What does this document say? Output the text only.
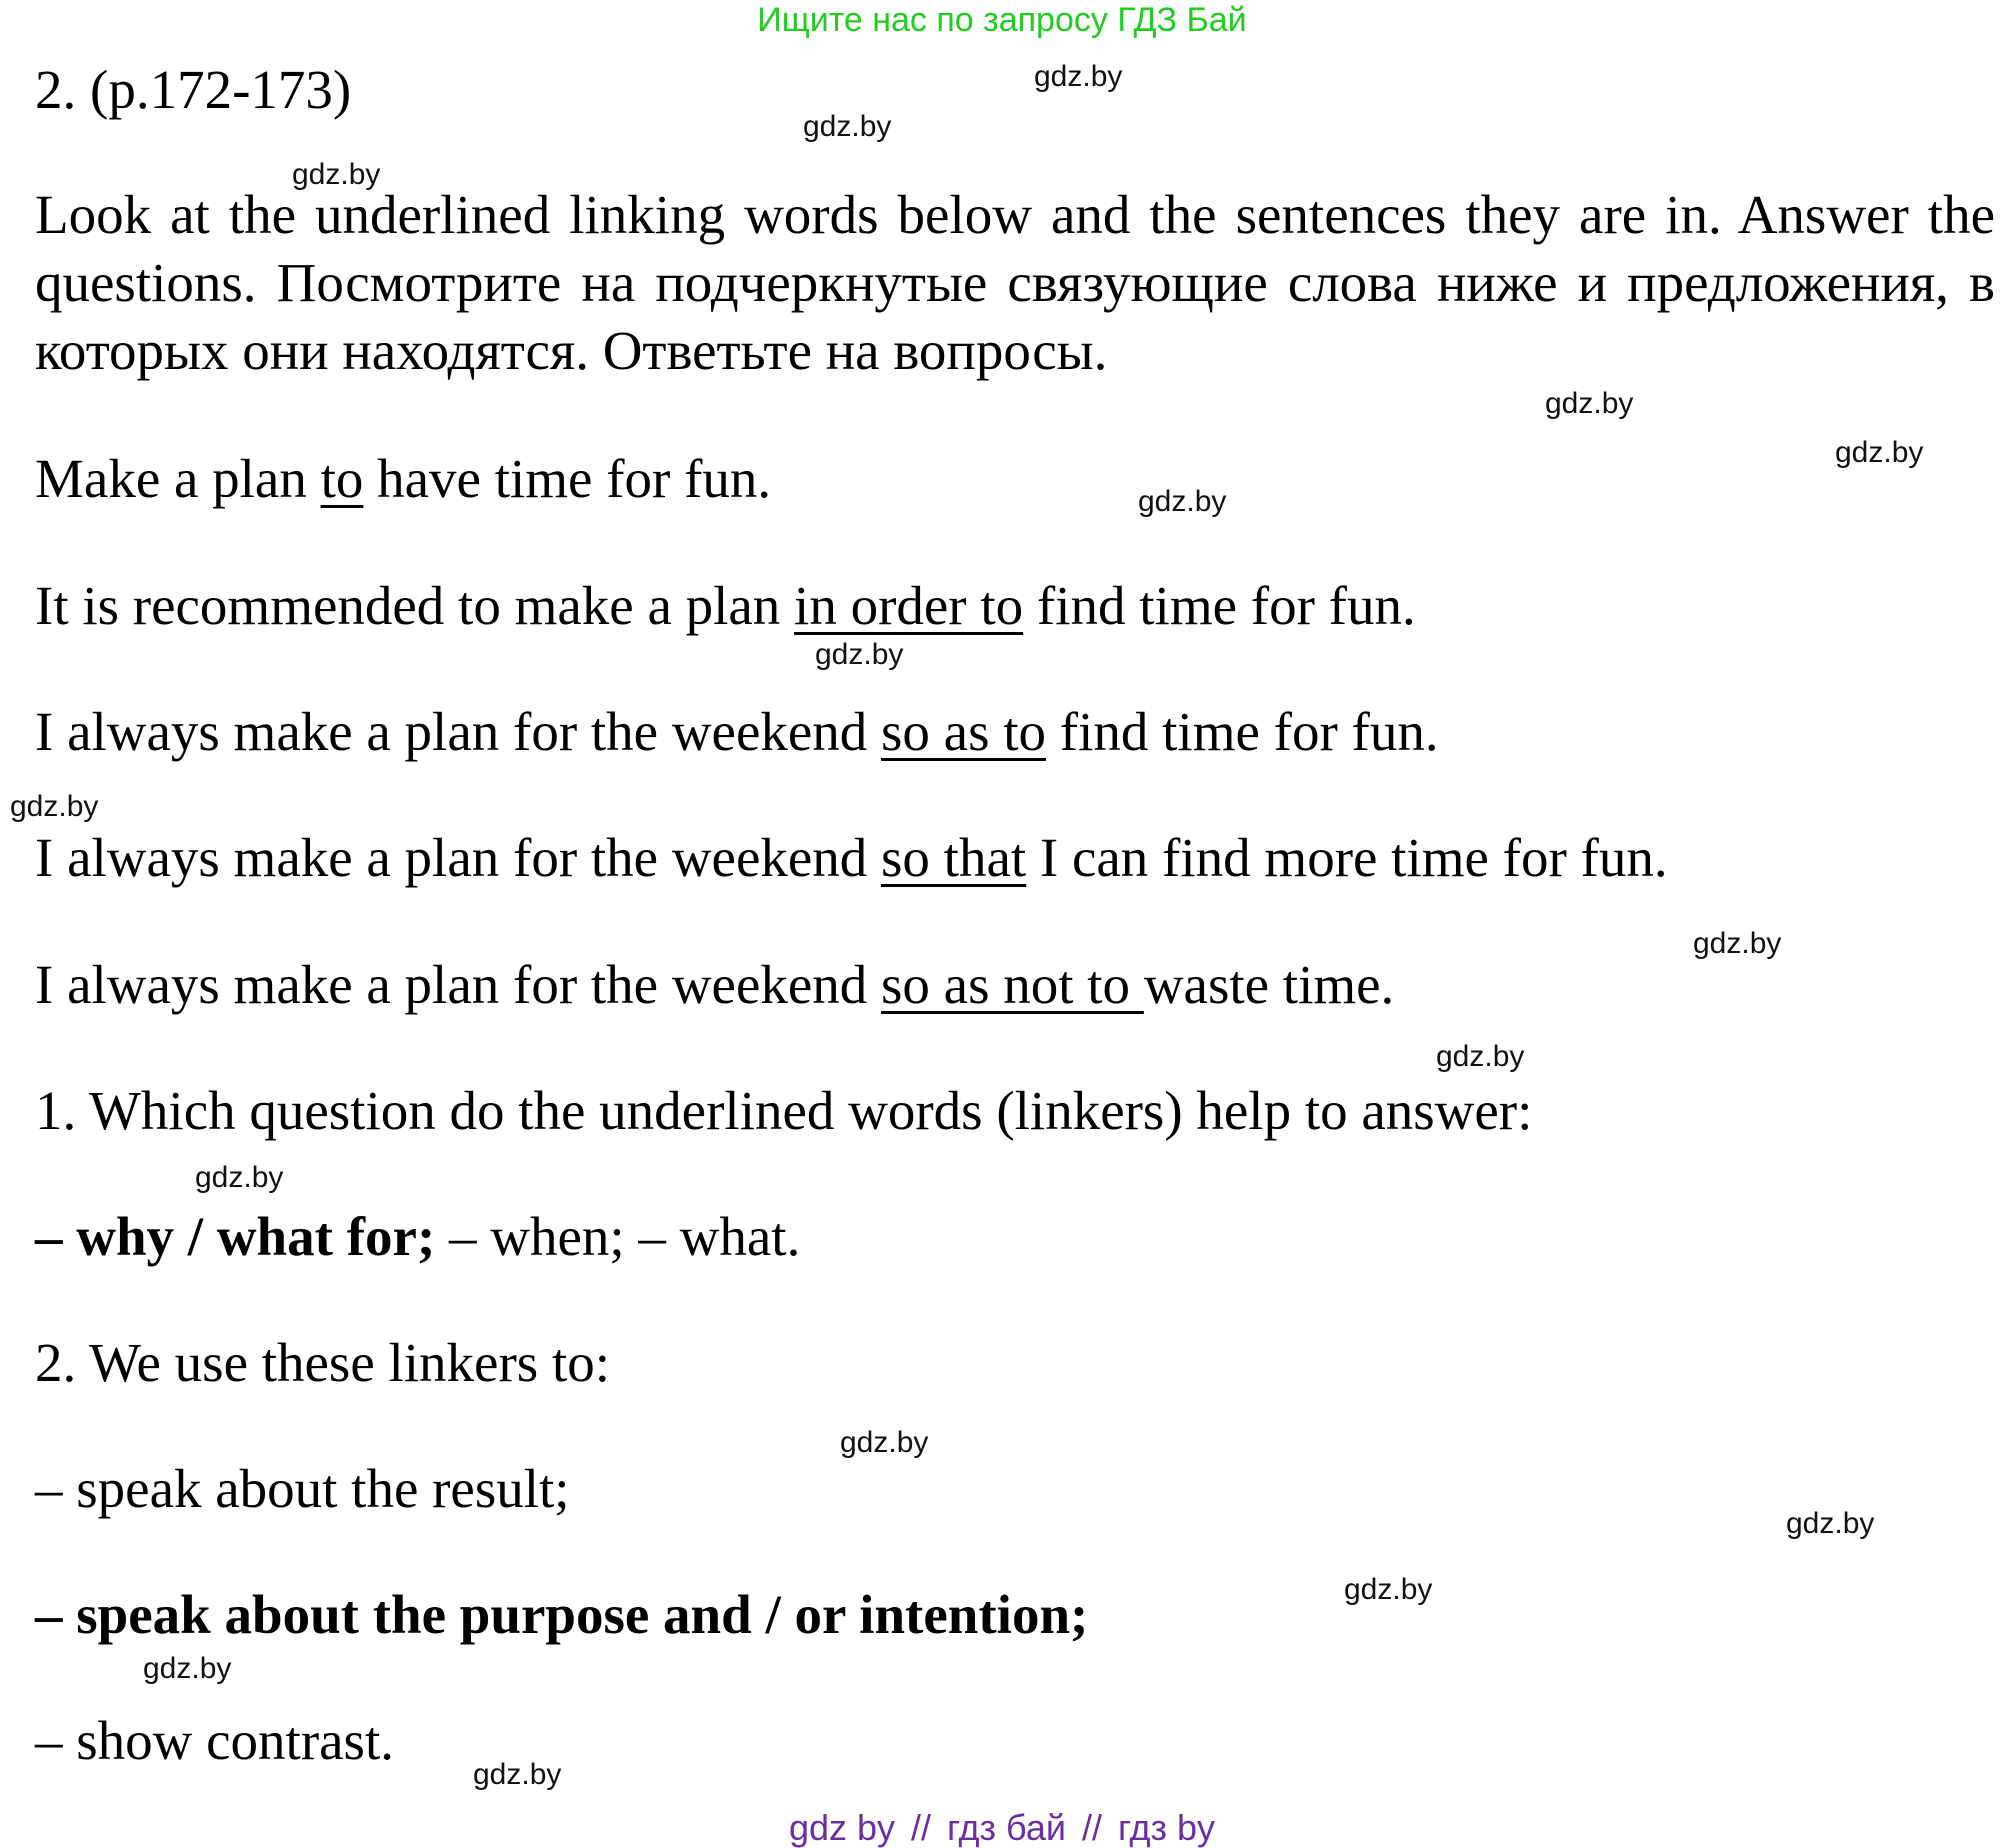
Ищите нас по запросу ГДЗ Бай
2. (p.172-173)
Look at the underlined linking words below and the sentences they are in. Answer the questions. Посмотрите на подчеркнутые связующие слова ниже и предложения, в которых они находятся. Ответьте на вопросы.
Make a plan to have time for fun.
It is recommended to make a plan in order to find time for fun.
I always make a plan for the weekend so as to find time for fun.
I always make a plan for the weekend so that I can find more time for fun.
I always make a plan for the weekend so as not to waste time.
1. Which question do the underlined words (linkers) help to answer:
– why / what for; – when; – what.
2. We use these linkers to:
– speak about the result;
– speak about the purpose and / or intention;
– show contrast.
gdz.by
gdz.by
gdz.by
gdz.by
gdz.by
gdz.by
gdz.by
gdz.by
gdz.by
gdz.by
gdz.by
gdz.by
gdz.by
gdz.by
gdz.by
gdz.by
gdz by // гдз бай // гдз by
